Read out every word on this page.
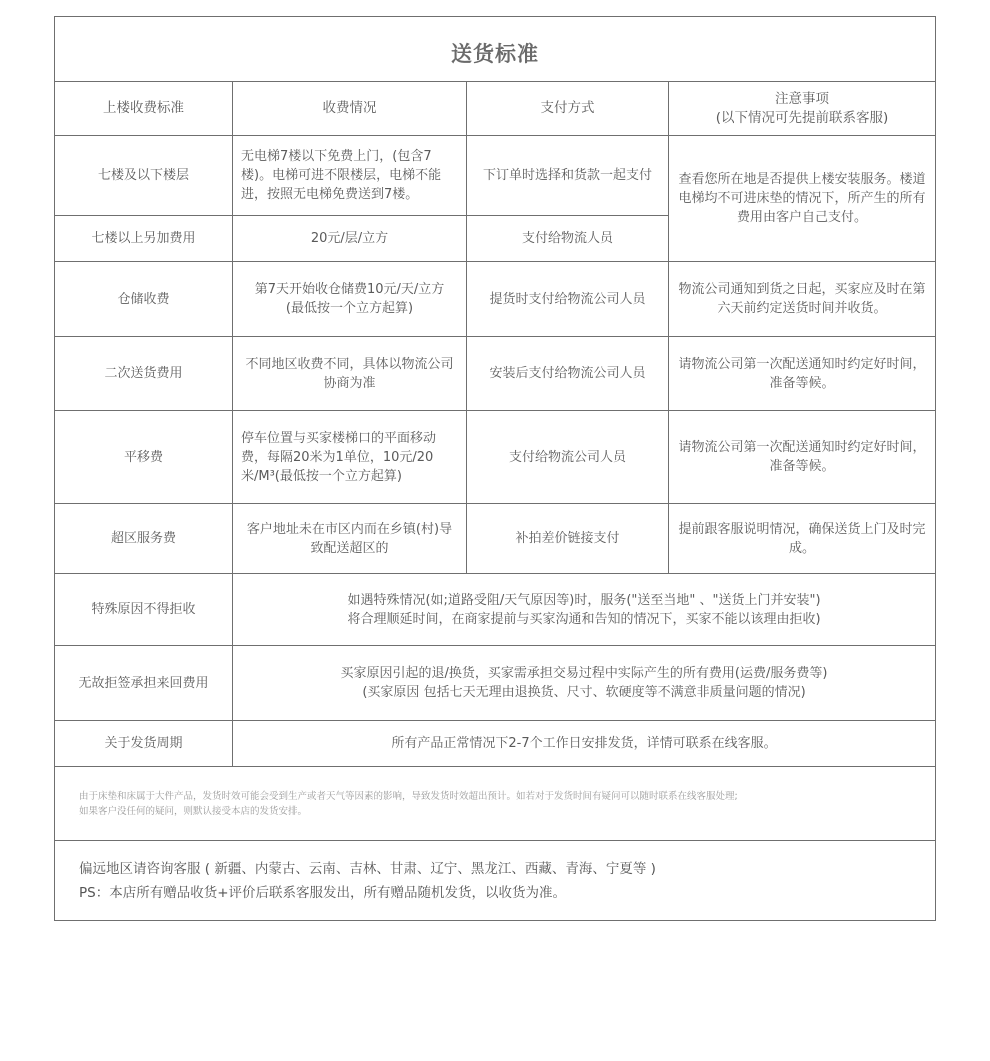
送货标准			
上楼收费标准	收费情况	支付方式	注意事项
(以下情况可先提前联系客服)

七楼及以下楼层	无电梯7楼以下免费上门，(包含7楼)。电梯可进不限楼层，电梯不能进，按照无电梯免费送到7楼。	下订单时选择和货款一起支付	查看您所在地是否提供上楼安装服务。楼道电梯均不可进床垫的情况下，所产生的所有费用由客户自己支付。
七楼以上另加费用	20元/层/立方	支付给物流人员	
仓储收费	第7天开始收仓储费10元/天/立方
(最低按一个立方起算)	提货时支付给物流公司人员	物流公司通知到货之日起，买家应及时在第六天前约定送货时间并收货。
二次送货费用	不同地区收费不同，具体以物流公司协商为准	安装后支付给物流公司人员	请物流公司第一次配送通知时约定好时间，准备等候。
平移费	停车位置与买家楼梯口的平面移动费，每隔20米为1单位，10元/20米/M³(最低按一个立方起算)	支付给物流公司人员	请物流公司第一次配送通知时约定好时间，准备等候。
超区服务费	客户地址未在市区内而在乡镇(村)导致配送超区的	补拍差价链接支付	提前跟客服说明情况，确保送货上门及时完成。
特殊原因不得拒收	如遇特殊情况(如;道路受阻/天气原因等)时，服务("送至当地" 、"送货上门并安装")
将合理顺延时间，在商家提前与买家沟通和告知的情况下，买家不能以该理由拒收)		

无故拒签承担来回费用	买家原因引起的退/换货，买家需承担交易过程中实际产生的所有费用(运费/服务费等)
(买家原因 包括七天无理由退换货、尺寸、软硬度等不满意非质量问题的情况)		

关于发货周期	所有产品正常情况下2-7个工作日安排发货，详情可联系在线客服。		

由于床垫和床属于大件产品，发货时效可能会受到生产或者天气等因素的影响，导致发货时效超出预计。如若对于发货时间有疑问可以随时联系在线客服处理;
如果客户没任何的疑问，则默认接受本店的发货安排。			

偏远地区请咨询客服 ( 新疆、内蒙古、云南、吉林、甘肃、辽宁、黑龙江、西藏、青海、宁夏等 )
PS：本店所有赠品收货+评价后联系客服发出，所有赠品随机发货，以收货为准。			
